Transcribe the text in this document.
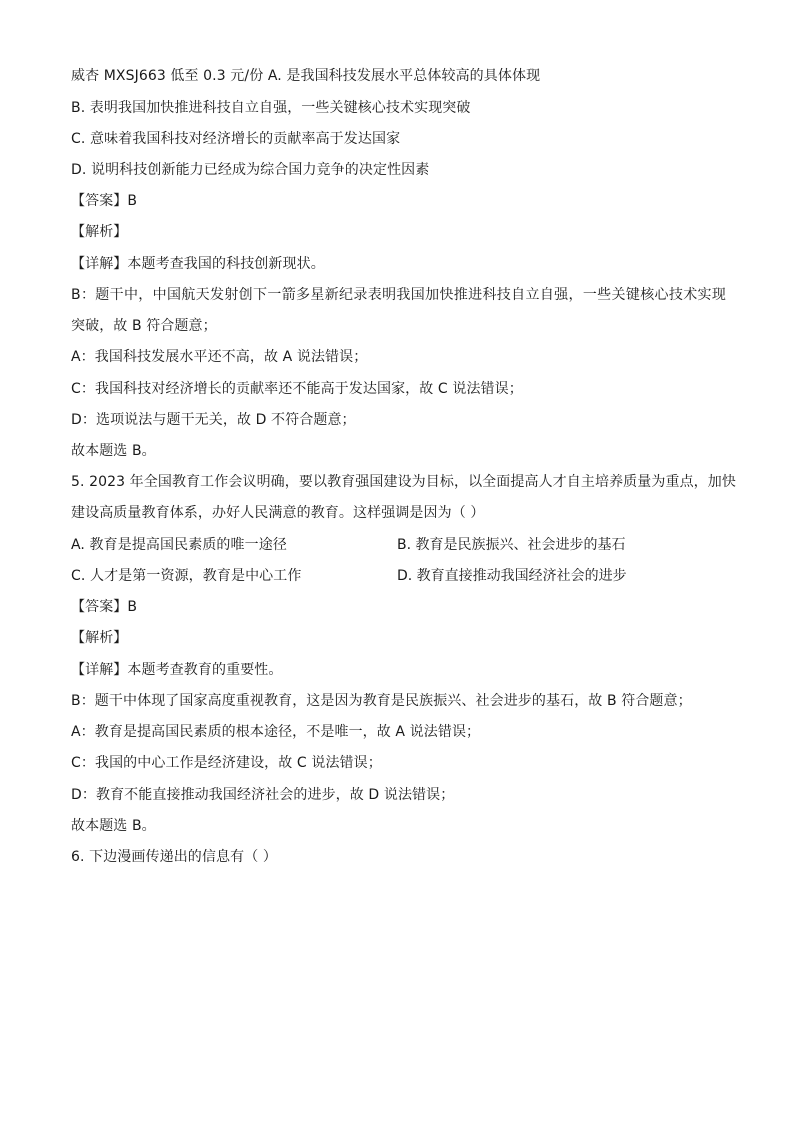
威杏 MXSJ663 低至 0.3 元/份 A. 是我国科技发展水平总体较高的具体体现
B. 表明我国加快推进科技自立自强，一些关键核心技术实现突破
C. 意味着我国科技对经济增长的贡献率高于发达国家
D. 说明科技创新能力已经成为综合国力竞争的决定性因素
【答案】B
【解析】
【详解】本题考查我国的科技创新现状。
B：题干中，中国航天发射创下一箭多星新纪录表明我国加快推进科技自立自强，一些关键核心技术实现
突破，故 B 符合题意；
A：我国科技发展水平还不高，故 A 说法错误；
C：我国科技对经济增长的贡献率还不能高于发达国家，故 C 说法错误；
D：选项说法与题干无关，故 D 不符合题意；
故本题选 B。
5. 2023 年全国教育工作会议明确，要以教育强国建设为目标，以全面提高人才自主培养质量为重点，加快
建设高质量教育体系，办好人民满意的教育。这样强调是因为（ ）
A. 教育是提高国民素质的唯一途径	B. 教育是民族振兴、社会进步的基石
C. 人才是第一资源，教育是中心工作	D. 教育直接推动我国经济社会的进步
【答案】B
【解析】
【详解】本题考查教育的重要性。
B：题干中体现了国家高度重视教育，这是因为教育是民族振兴、社会进步的基石，故 B 符合题意；
A：教育是提高国民素质的根本途径，不是唯一，故 A 说法错误；
C：我国的中心工作是经济建设，故 C 说法错误；
D：教育不能直接推动我国经济社会的进步，故 D 说法错误；
故本题选 B。
6. 下边漫画传递出的信息有（ ）
